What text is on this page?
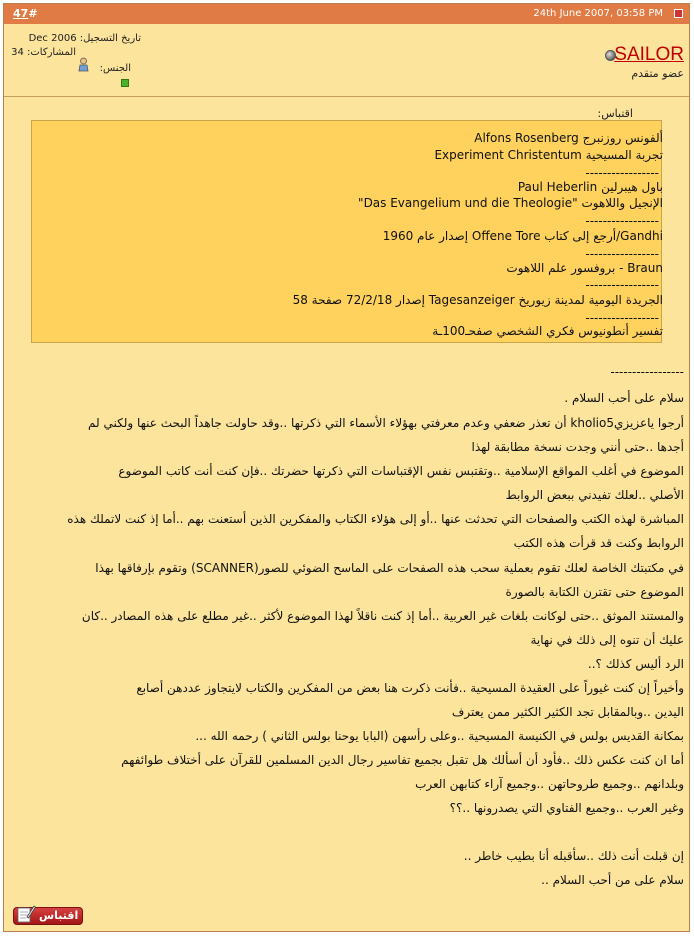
47#	24th June 2007, 03:58 PM
SAILOR
عضو متقدم
تاريخ التسجيل: Dec 2006
المشاركات: 34
الجنس:
اقتباس:
ألفونس روزنبرج Alfons Rosenberg
تجربة المسيحية Experiment Christentum
-----------------
باول هيبرلين Paul Heberlin
الإنجيل واللاهوت "Das Evangelium und die Theologie"
-----------------
Gandhi/أرجع إلى كتاب Offene Tore إصدار عام 1960
-----------------
Braun - بروفسور علم اللاهوت
-----------------
الجريدة اليومية لمدينة زيوريخ Tagesanzeiger إصدار 72/2/18 صفحة 58
-----------------
تفسير أنطونيوس فكري الشخصي صفحـ100ـة
-----------------
سلام على أحب السلام .
أرجوا ياعزيزيkholio5 أن تعذر ضعفي وعدم معرفتي بهؤلاء الأسماء التي ذكرتها ..وقد حاولت جاهداً البحث عنها ولكني لم
أجدها ..حتى أنني وجدت نسخة مطابقة لهذا
الموضوع في أغلب المواقع الإسلامية ..وتقتبس نفس الإقتباسات التي ذكرتها حضرتك ..فإن كنت أنت كاتب الموضوع
الأصلي ..لعلك تفيدني ببعض الروابط
المباشرة لهذه الكتب والصفحات التي تحدثت عنها ..أو إلى هؤلاء الكتاب والمفكرين الذين أستعنت بهم ..أما إذ كنت لاتملك هذه
الروابط وكنت قد قرأت هذه الكتب
في مكتبتك الخاصة لعلك تقوم بعملية سحب هذه الصفحات على الماسح الضوئي للصور(SCANNER) وتقوم بإرفاقها بهذا
الموضوع حتى تقترن الكتابة بالصورة
والمستند الموثق ..حتى لوكانت بلغات غير العربية ..أما إذ كنت ناقلاً لهذا الموضوع لأكثر ..غير مطلع على هذه المصادر ..كان
عليك أن تنوه إلى ذلك في نهاية
الرد أليس كذلك ؟..
وأخيراً إن كنت غيوراً على العقيدة المسيحية ..فأنت ذكرت هنا بعض من المفكرين والكتاب لايتجاوز عددهن أصابع
اليدين ..وبالمقابل تجد الكثير الكثير ممن يعترف
بمكانة القديس بولس في الكنيسة المسيحية ..وعلى رأسهن (البابا يوحنا بولس الثاني ) رحمه الله ...
أما ان كنت عكس ذلك ..فأود أن أسألك هل تقبل بجميع تفاسير رجال الدين المسلمين للقرآن على أختلاف طوائفهم
وبلدانهم ..وجميع طروحاتهن ..وجميع آراء كتابهن العرب
وغير العرب ..وجميع الفتاوي التي يصدرونها ..؟؟
إن قبلت أنت ذلك ..سأقبله أنا بطيب خاطر ..
سلام على من أحب السلام ..
اقتباس
